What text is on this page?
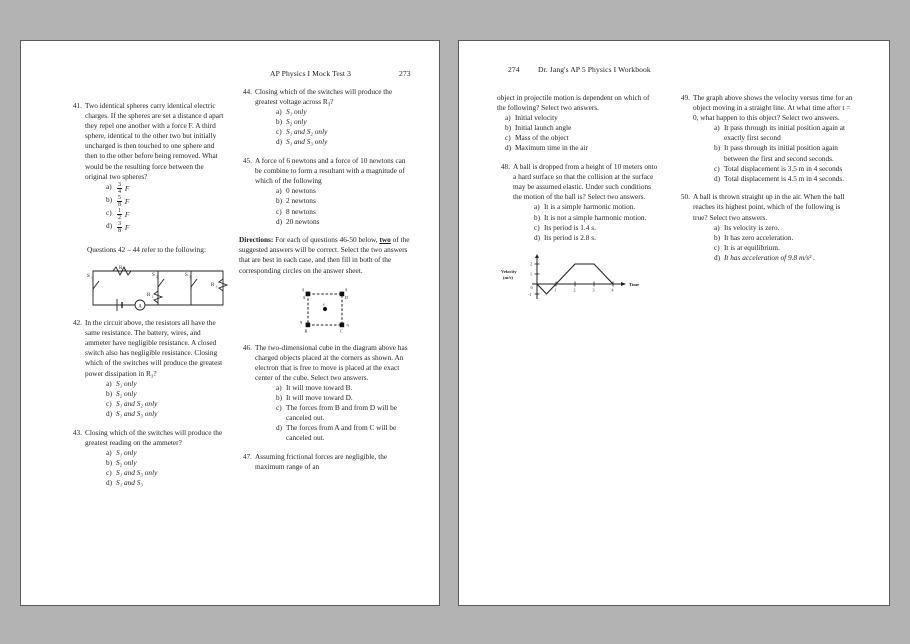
AP Physics I Mock Test 3	273
41. Two identical spheres carry identical electric charges. If the spheres are set a distance d apart they repel one another with a force F. A third sphere, identical to the other two but initially uncharged is then touched to one sphere and then to the other before being removed. What would be the resulting force between the original two spheres?
$a) \frac{3}{4}$ F
$b) \frac{5}{8}$ F
$c) \frac{1}{2}$ F
$d) \frac{3}{8}$ F
Questions 42 – 44 refer to the following:
A
S 1	S 2	S 3
R 2
R 3
R 1
42. In the circuit above, the resistors all have the same resistance. The battery, wires, and ammeter have negligible resistance. A closed switch also has negligible resistance. Closing which of the switches will produce the greatest power dissipation in R₃?
a) S₁ only
b) S₂ only
c) S₁ and S₂ only
d) S₁ and S₃ only
43. Closing which of the switches will produce the greatest reading on the ammeter?
a) S₁ only
b) S₂ only
c) S₁ and S₃ only
d) S₁ and S₃
44. Closing which of the switches will produce the greatest voltage across R₃?
a) S₁ only
b) S₂ only
c) S₁ and S₂ only
d) S₁ and S₃ only
45. A force of 6 newtons and a force of 10 newtons can be combine to form a resultant with a magnitude of which of the following
a) 0 newtons
b) 2 newtons
c) 8 newtons
d) 20 newtons
Directions: For each of questions 46-50 below, two of the suggested answers will be correct. Select the two answers that are best in each case, and then fill in both of the corresponding circles on the answer sheet.
q	q
q
q
A	D
B	C
e
46. The two-dimensional cube in the diagram above has charged objects placed at the corners as shown. An electron that is free to move is placed at the exact center of the cube. Select two answers.
a) It will move toward B.
b) It will move toward D.
c) The forces from B and from D will be canceled out.
d) The forces from A and from C will be canceled out.
47. Assuming frictional forces are negligible, the maximum range of an
274 Dr. Jang's AP 5 Physics I Workbook
object in projectile motion is dependent on which of the following? Select two answers.
a) Initial velocity
b) Initial launch angle
c) Mass of the object
d) Maximum time in the air
48. A ball is dropped from a height of 10 meters onto a hard surface so that the collision at the surface may be assumed elastic. Under such conditions the motion of the ball is? Select two answers.
a) It is a simple harmonic motion.
b) It is not a simple harmonic motion.
c) Its period is 1.4 s.
d) Its period is 2.8 s.
Velocity
(m/s)
2
1
-1
0	1	2	3	4
Time
49. The graph above shows the velocity versus time for an object moving in a straight line. At what time after t = 0, what happen to this object? Select two answers.
a) It pass through its initial position again at exactly first second
b) It pass through its initial position again between the first and second seconds.
c) Total displacement is 3.5 m in 4 seconds
d) Total displacement is 4.5 m in 4 seconds.
50. A ball is thrown straight up in the air. When the ball reaches its highest point, which of the following is true? Select two answers.
a) Its velocity is zero.
b) It has zero acceleration.
c) It is at equilibrium.
d) It has acceleration of 9.8 m/s² .
